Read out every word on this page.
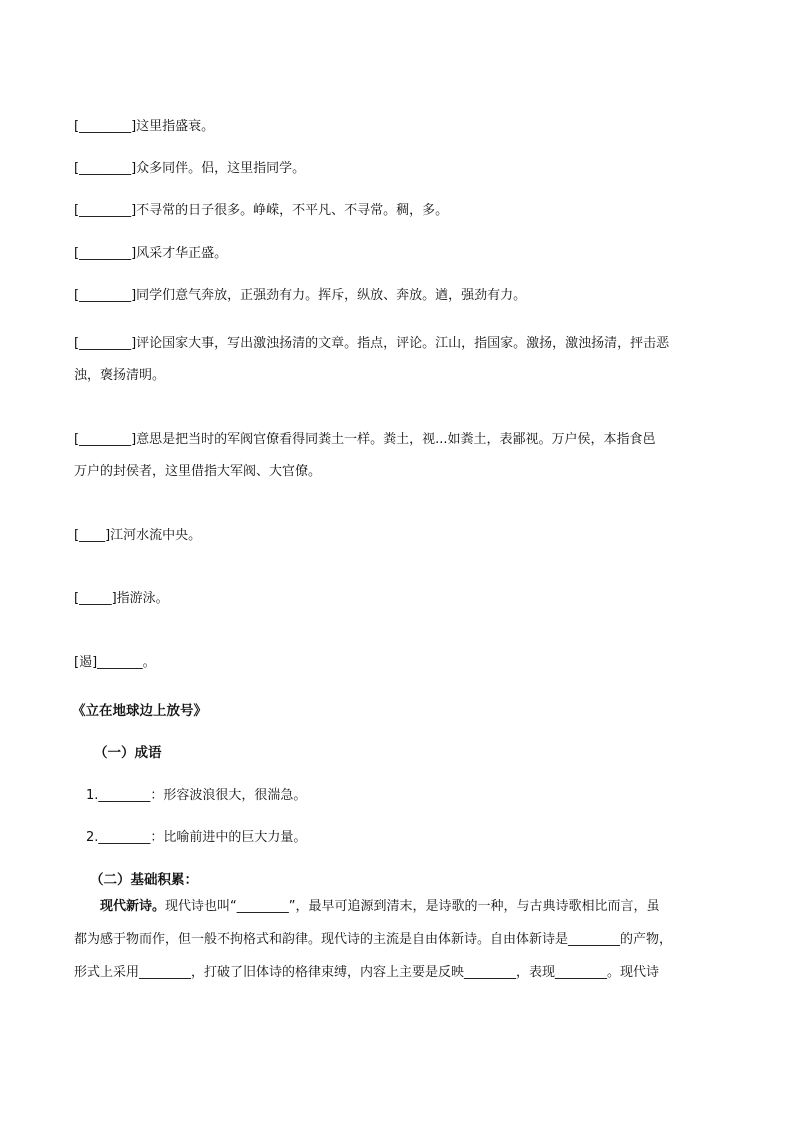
[________]这里指盛衰。
[________]众多同伴。侣，这里指同学。
[________]不寻常的日子很多。峥嵘，不平凡、不寻常。稠，多。
[________]风采才华正盛。
[________]同学们意气奔放，正强劲有力。挥斥，纵放、奔放。遒，强劲有力。
[________]评论国家大事，写出激浊扬清的文章。指点，评论。江山，指国家。激扬，激浊扬清，抨击恶
浊，褒扬清明。
[________]意思是把当时的军阀官僚看得同粪土一样。粪土，视...如粪土，表鄙视。万户侯，本指食邑
万户的封侯者，这里借指大军阀、大官僚。
[____]江河水流中央。
[_____]指游泳。
[遏]_______。
《立在地球边上放号》
（一）成语
1.________：形容波浪很大，很湍急。
2.________：比喻前进中的巨大力量。
（二）基础积累：
现代新诗。现代诗也叫“________”，最早可追源到清末，是诗歌的一种，与古典诗歌相比而言，虽
都为感于物而作，但一般不拘格式和韵律。现代诗的主流是自由体新诗。自由体新诗是________的产物，
形式上采用________，打破了旧体诗的格律束缚，内容上主要是反映________，表现________。现代诗
